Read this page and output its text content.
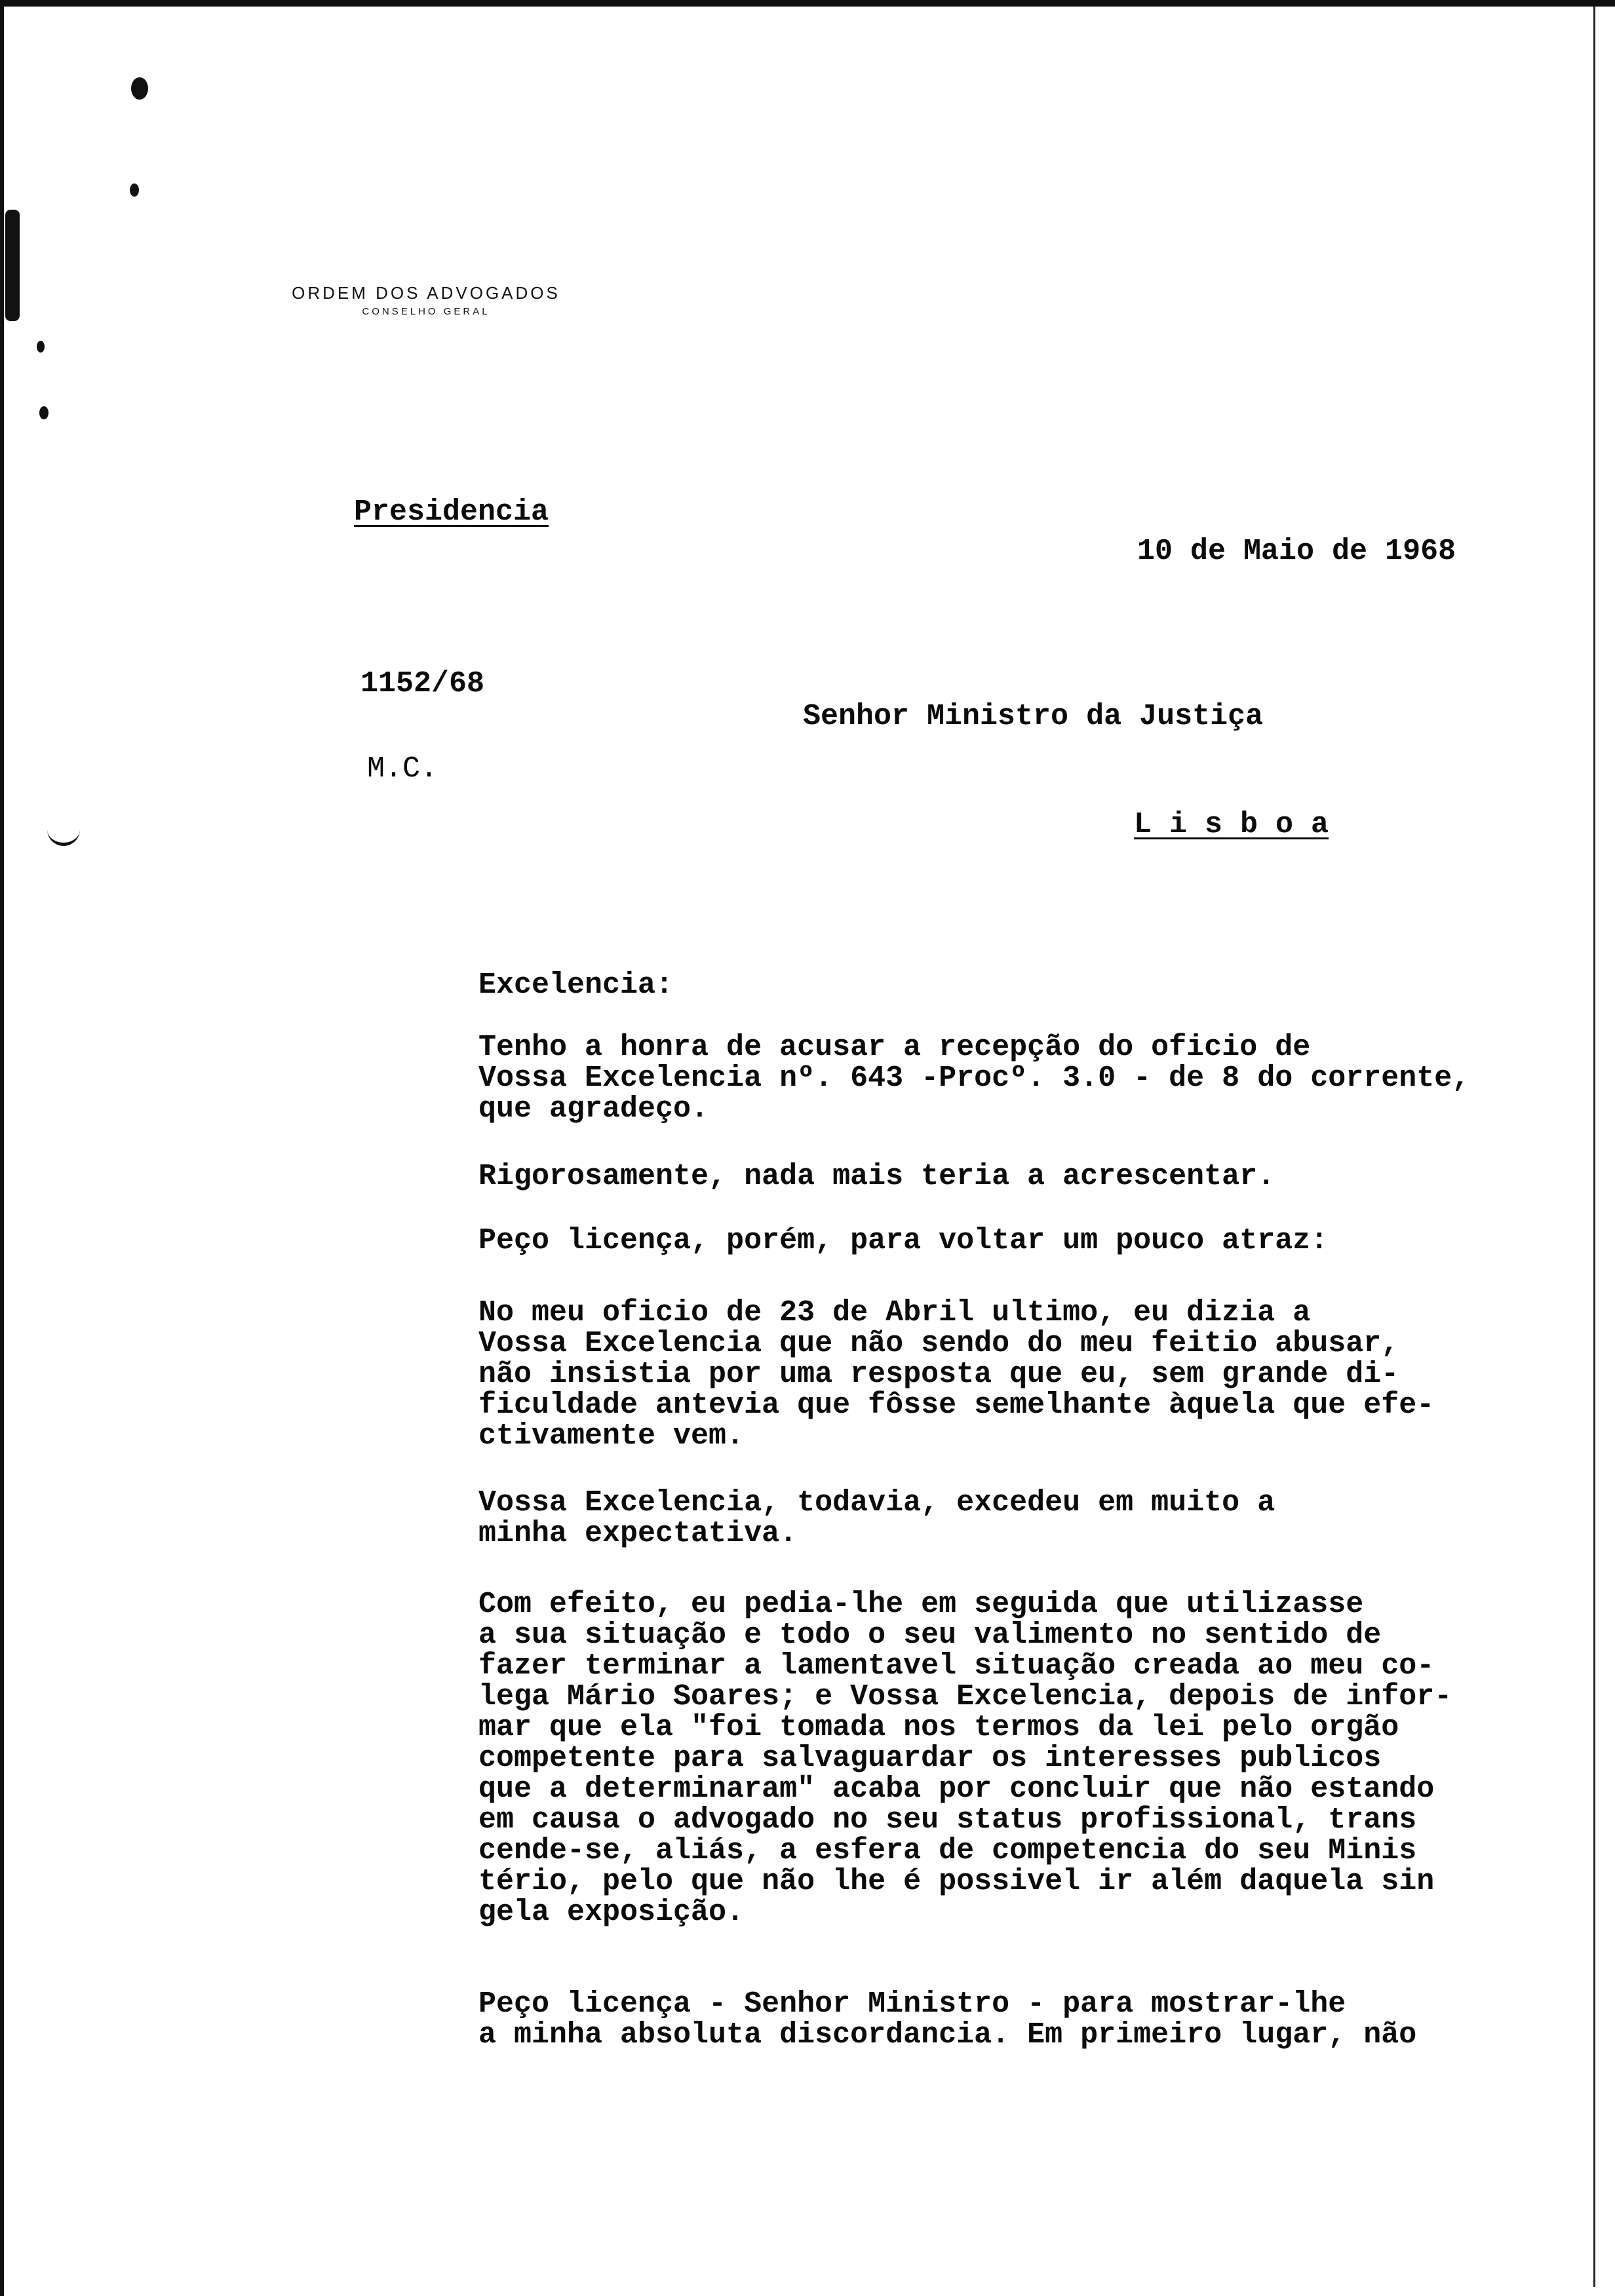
ORDEM DOS ADVOGADOS
CONSELHO GERAL
Presidencia
10 de Maio de 1968
1152/68
Senhor Ministro da Justiça
M.C.
L i s b o a
Excelencia:

Tenho a honra de acusar a recepção do oficio de
Vossa Excelencia nº. 643 -Procº. 3.0 - de 8 do corrente,
que agradeço.

Rigorosamente, nada mais teria a acrescentar.

Peço licença, porém, para voltar um pouco atraz:

No meu oficio de 23 de Abril ultimo, eu dizia a
Vossa Excelencia que não sendo do meu feitio abusar,
não insistia por uma resposta que eu, sem grande di-
ficuldade antevia que fôsse semelhante àquela que efe-
ctivamente vem.

Vossa Excelencia, todavia, excedeu em muito a
minha expectativa.

Com efeito, eu pedia-lhe em seguida que utilizasse
a sua situação e todo o seu valimento no sentido de
fazer terminar a lamentavel situação creada ao meu co-
lega Mário Soares; e Vossa Excelencia, depois de infor-
mar que ela "foi tomada nos termos da lei pelo orgão
competente para salvaguardar os interesses publicos
que a determinaram" acaba por concluir que não estando
em causa o advogado no seu status profissional, trans
cende-se, aliás, a esfera de competencia do seu Minis
tério, pelo que não lhe é possivel ir além daquela sin
gela exposição.

Peço licença - Senhor Ministro - para mostrar-lhe
a minha absoluta discordancia. Em primeiro lugar, não
